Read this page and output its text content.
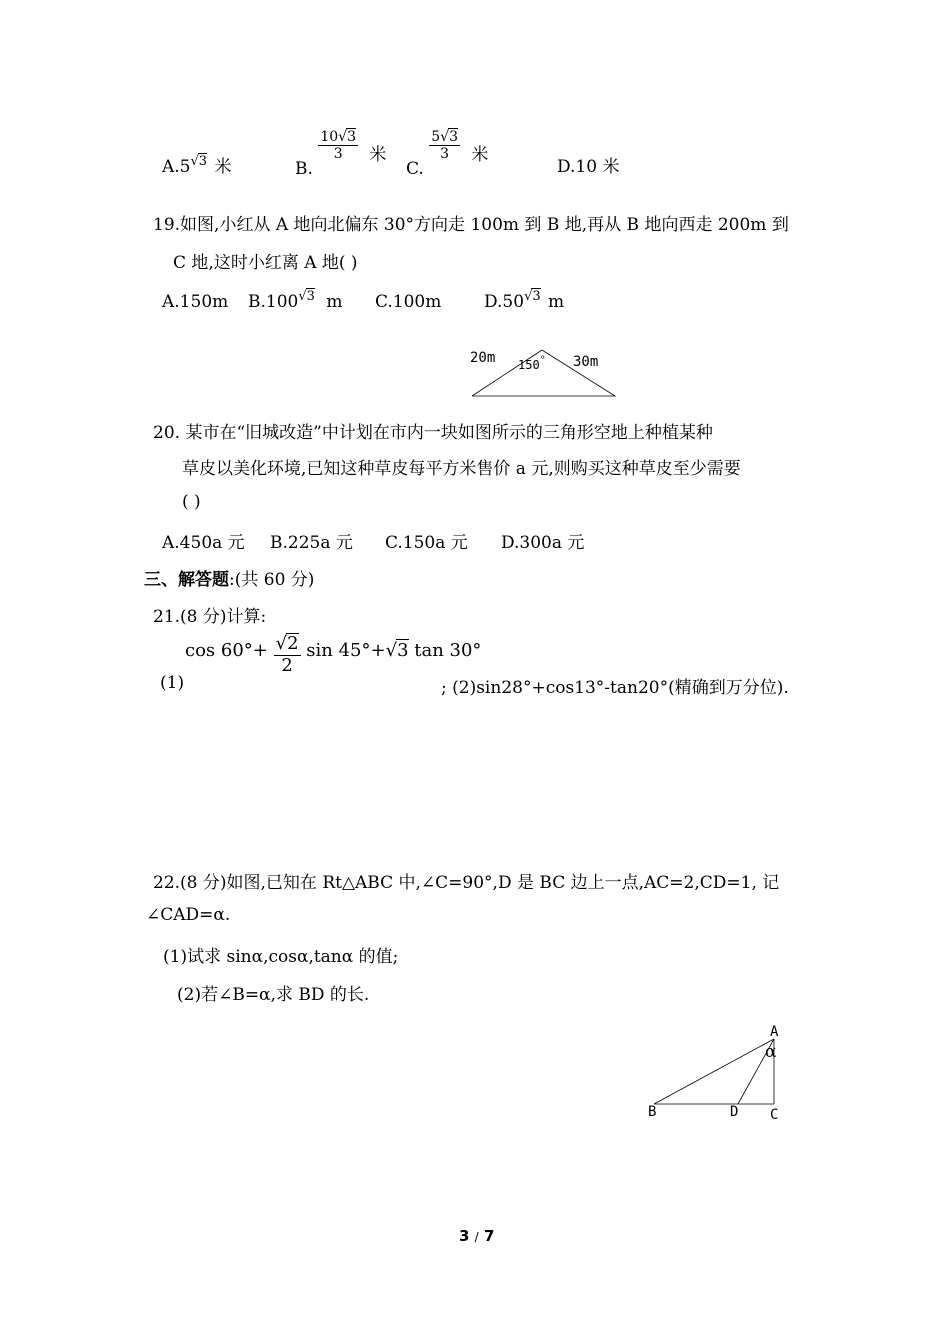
$A.5^{√3}$ 米	B.
$\frac{10√3}{3}$ 米
C.
$\frac{5√3}{3}$ 米
D.10 米
19.如图,小红从 A 地向北偏东 30°方向走 100m 到 B 地,再从 B 地向西走 200m 到
C 地,这时小红离 A 地( )
A.150m $B.100^{√3}$ m C.100m	$D.50^{√3}$ m
20m 150° 30m
20. 某市在“旧城改造”中计划在市内一块如图所示的三角形空地上种植某种
草皮以美化环境,已知这种草皮每平方米售价 a 元,则购买这种草皮至少需要
( )
A.450a 元 B.225a 元 C.150a 元 D.300a 元
三、解答题:(共 60 分)
21.(8 分)计算:
(1)
$\cos 60^\circ+ \frac{√2}{2}$ sin 45°+√3 tan 30°
; (2)sin28°+cos13°-tan20°(精确到万分位).
22.(8 分)如图,已知在 Rt△ABC 中,∠C=90°,D 是 BC 边上一点,AC=2,CD=1, 记
∠CAD=α.
(1)试求 sinα,cosα,tanα 的值;
(2)若∠B=α,求 BD 的长.
A
α
B	D C
3 / 7
